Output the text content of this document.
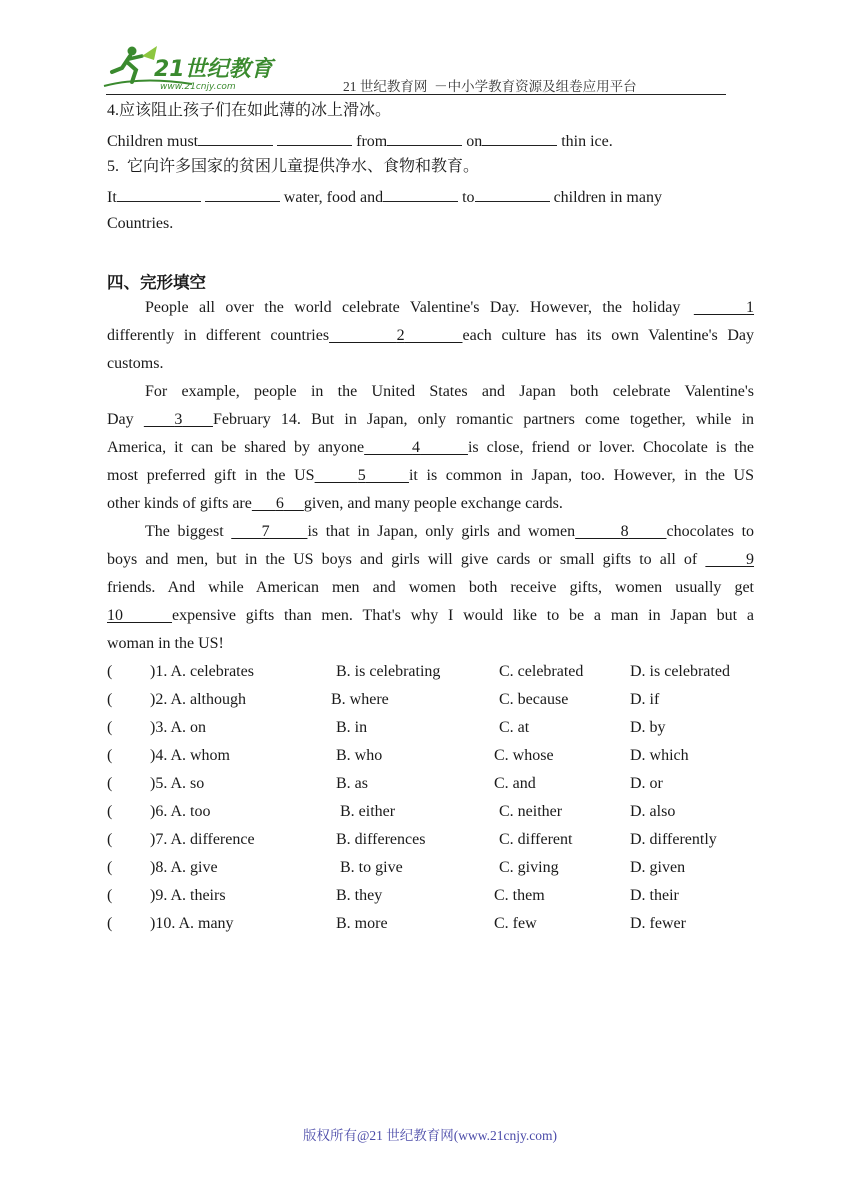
21世纪教育
www.21cnjy.com	21 世纪教育网  －中小学教育资源及组卷应用平台
4.应该阻止孩子们在如此薄的冰上滑冰。
Children must	from	on	thin ice.
5.  它向许多国家的贫困儿童提供净水、食物和教育。
It	water, food and	to	children in many
Countries.
四、完形填空
People all over the world celebrate Valentine's Day. However, the holiday	1
differently in different countries	2	each culture has its own Valentine's Day
customs.
For example, people in the United States and Japan both celebrate Valentine's
Day	3 February 14. But in Japan, only romantic partners come together, while in
America, it can be shared by anyone	4	is close, friend or lover. Chocolate is the
most preferred gift in the US	5	it is common in Japan, too. However, in the US
other kinds of gifts are 6 given, and many people exchange cards.
The biggest 7 is that in Japan, only girls and women	8 chocolates to
boys and men, but in the US boys and girls will give cards or small gifts to all of	9
friends. And while American men and women both receive gifts, women usually get
10	expensive gifts than men. That's why I would like to be a man in Japan but a
woman in the US!
( )1. A. celebrates	B. is celebrating	C. celebrated	D. is celebrated
( )2. A. although	B. where	C. because	D. if
( )3. A. on	B. in	C. at	D. by
( )4. A. whom	B. who	C. whose	D. which
( )5. A. so	B. as	C. and	D. or
( )6. A. too	B. either	C. neither	D. also
( )7. A. difference	B. differences	C. different	D. differently
( )8. A. give	B. to give	C. giving	D. given
( )9. A. theirs	B. they	C. them	D. their
( )10. A. many	B. more	C. few	D. fewer
版权所有@21 世纪教育网(www.21cnjy.com)
